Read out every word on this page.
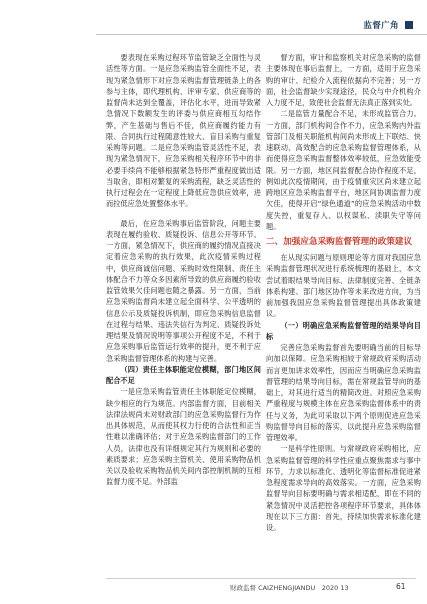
监督广角

要表现在采购过程环节监管缺乏全面性与灵活性等方面。一是应急采购监管全面性不足，表现为紧急情形下对应急采购监督管理链条上的各参与主体，即代理机构、评审专家、供应商等的监督尚未达到全覆盖，评估化水平，进而导致紧急情况下数额发生的评委与供应商相互勾结作弊，产生基础与售后不佳，供应商履约能力有限、合同执行过程随意性较大、盲目采购与重复采购等问题。二是应急采购监管灵活性不足，表现为紧急情况下，应急采购相关程序环节中的非必要手续尚不能够根据紧急特形严重程度做出适当取舍，即相对繁复的采购流程，缺乏灵活性的执行过程会在一定程度上降低应急供应效率，进而拉低应急处置整体水平。

最后，在应急采购事后监管阶段，问题主要表现在履约验收、质疑投诉、信息公开等环节。一方面，紧急情况下，供应商的履约情况直接决定着应急采购的执行效果，此次疫情采购过程中，供应商诚信问题、采购时效性限制、责任主体配合不力等众多因素所导致的供应商履约验收监管效果欠佳问题也随之暴露。另一方面，当前应急采购监督尚未建立起全面科学、公平透明的信息公示及质疑投诉机制，即应急采购信息监督在过程与结果、违法失信行为判定、质疑投诉处理结果及情况说明等事项公开程度不足，不利于应急采购事后监管运行效率的提升，更不利于应急采购监督管理体系的构建与完善。

（四）责任主体职能定位模糊，部门地区间配合不足

一是应急采购监管责任主体职能定位模糊，缺少相应的行为规范。内部监督方面，目前相关法律法规尚未对财政部门的应急采购监督行为作出具体规范，从而使其权力行使的合法性和正当性难以准确评估；对于应急采购监督部门的工作人员，法律也没有详细规定其行为规则和必要的素质要求；应急采购主管机关、使用采购物品机关以及验收采购物品机关间内部控制机制的互相监督力度不足。外部监

督方面，审计和监察机关对应急采购的监督主要体现在事后监督上，一方面，适用于应急采购的审计、纪检介入流程依据尚不完善；另一方面，社会监督缺少实现途径，民众与中介机构介入力度不足，致使社会监督无法真正落到实处。

二是监管力量配合不足，未形成监管合力。一方面，部门机构间合作不力，应急采购内外监管部门及相关职能机构间尚未形成上下联结、快速联动、高效配合的应急采购监督管理体系，从而使得应急采购监督整体效率较低，应急效能受限。另一方面，地区间监督配合协作程度不足，例如此次疫情期间，由于疫情重灾区尚未建立起跨地区应急采购监督平台，地区间协调监督力度欠佳，使得开启“绿色通道”的应急采购活动中数度失控，重复存入、以权谋私、渎职失守等问题。

二、加强应急采购监督管理的政策建议

在从现实问题与原则理论等方面对我国应急采购监督管理状况进行系统梳理的基础上，本文尝试着眼结果导向目标、法律制度完善、全链条体系构建、部门地区协作等未来改进方向，为当前加强我国应急采购监督管理提出具体政策建议。

（一）明确应急采购监督管理的结果导向目标

完善应急采购监督首先要明确当前的目标导向加以保障。应急采购相较于常规政府采购活动而言更加讲求效率性，因而应当明确应急采购监督管理的结果导向目标，需在常规监管导向的基础上，对其进行适当的精简改进。对照应急采购严重程度与规模主体在应急采购监督体系中的责任与义务，为此可采取以下两个原则促进应急采购监督导向目标的落实，以此提升应急采购监督管理效率。

一是科学性原则。与常规政府采购相比，应急采购监督管理的科学性应重点聚焦需求与事中环节，力求以标准化、透明化等监督标准促进紧急程度需求导向的高效落实。一方面，应急采购监督导向目标要明确与需求相适配，即在不同的紧急情况中灵活把控各项程序环节要求，具体体现在以下三方面：首先，持续加快需求标准化建设。

财政监督 CAIZHENGJIANDU　2020 13	61
